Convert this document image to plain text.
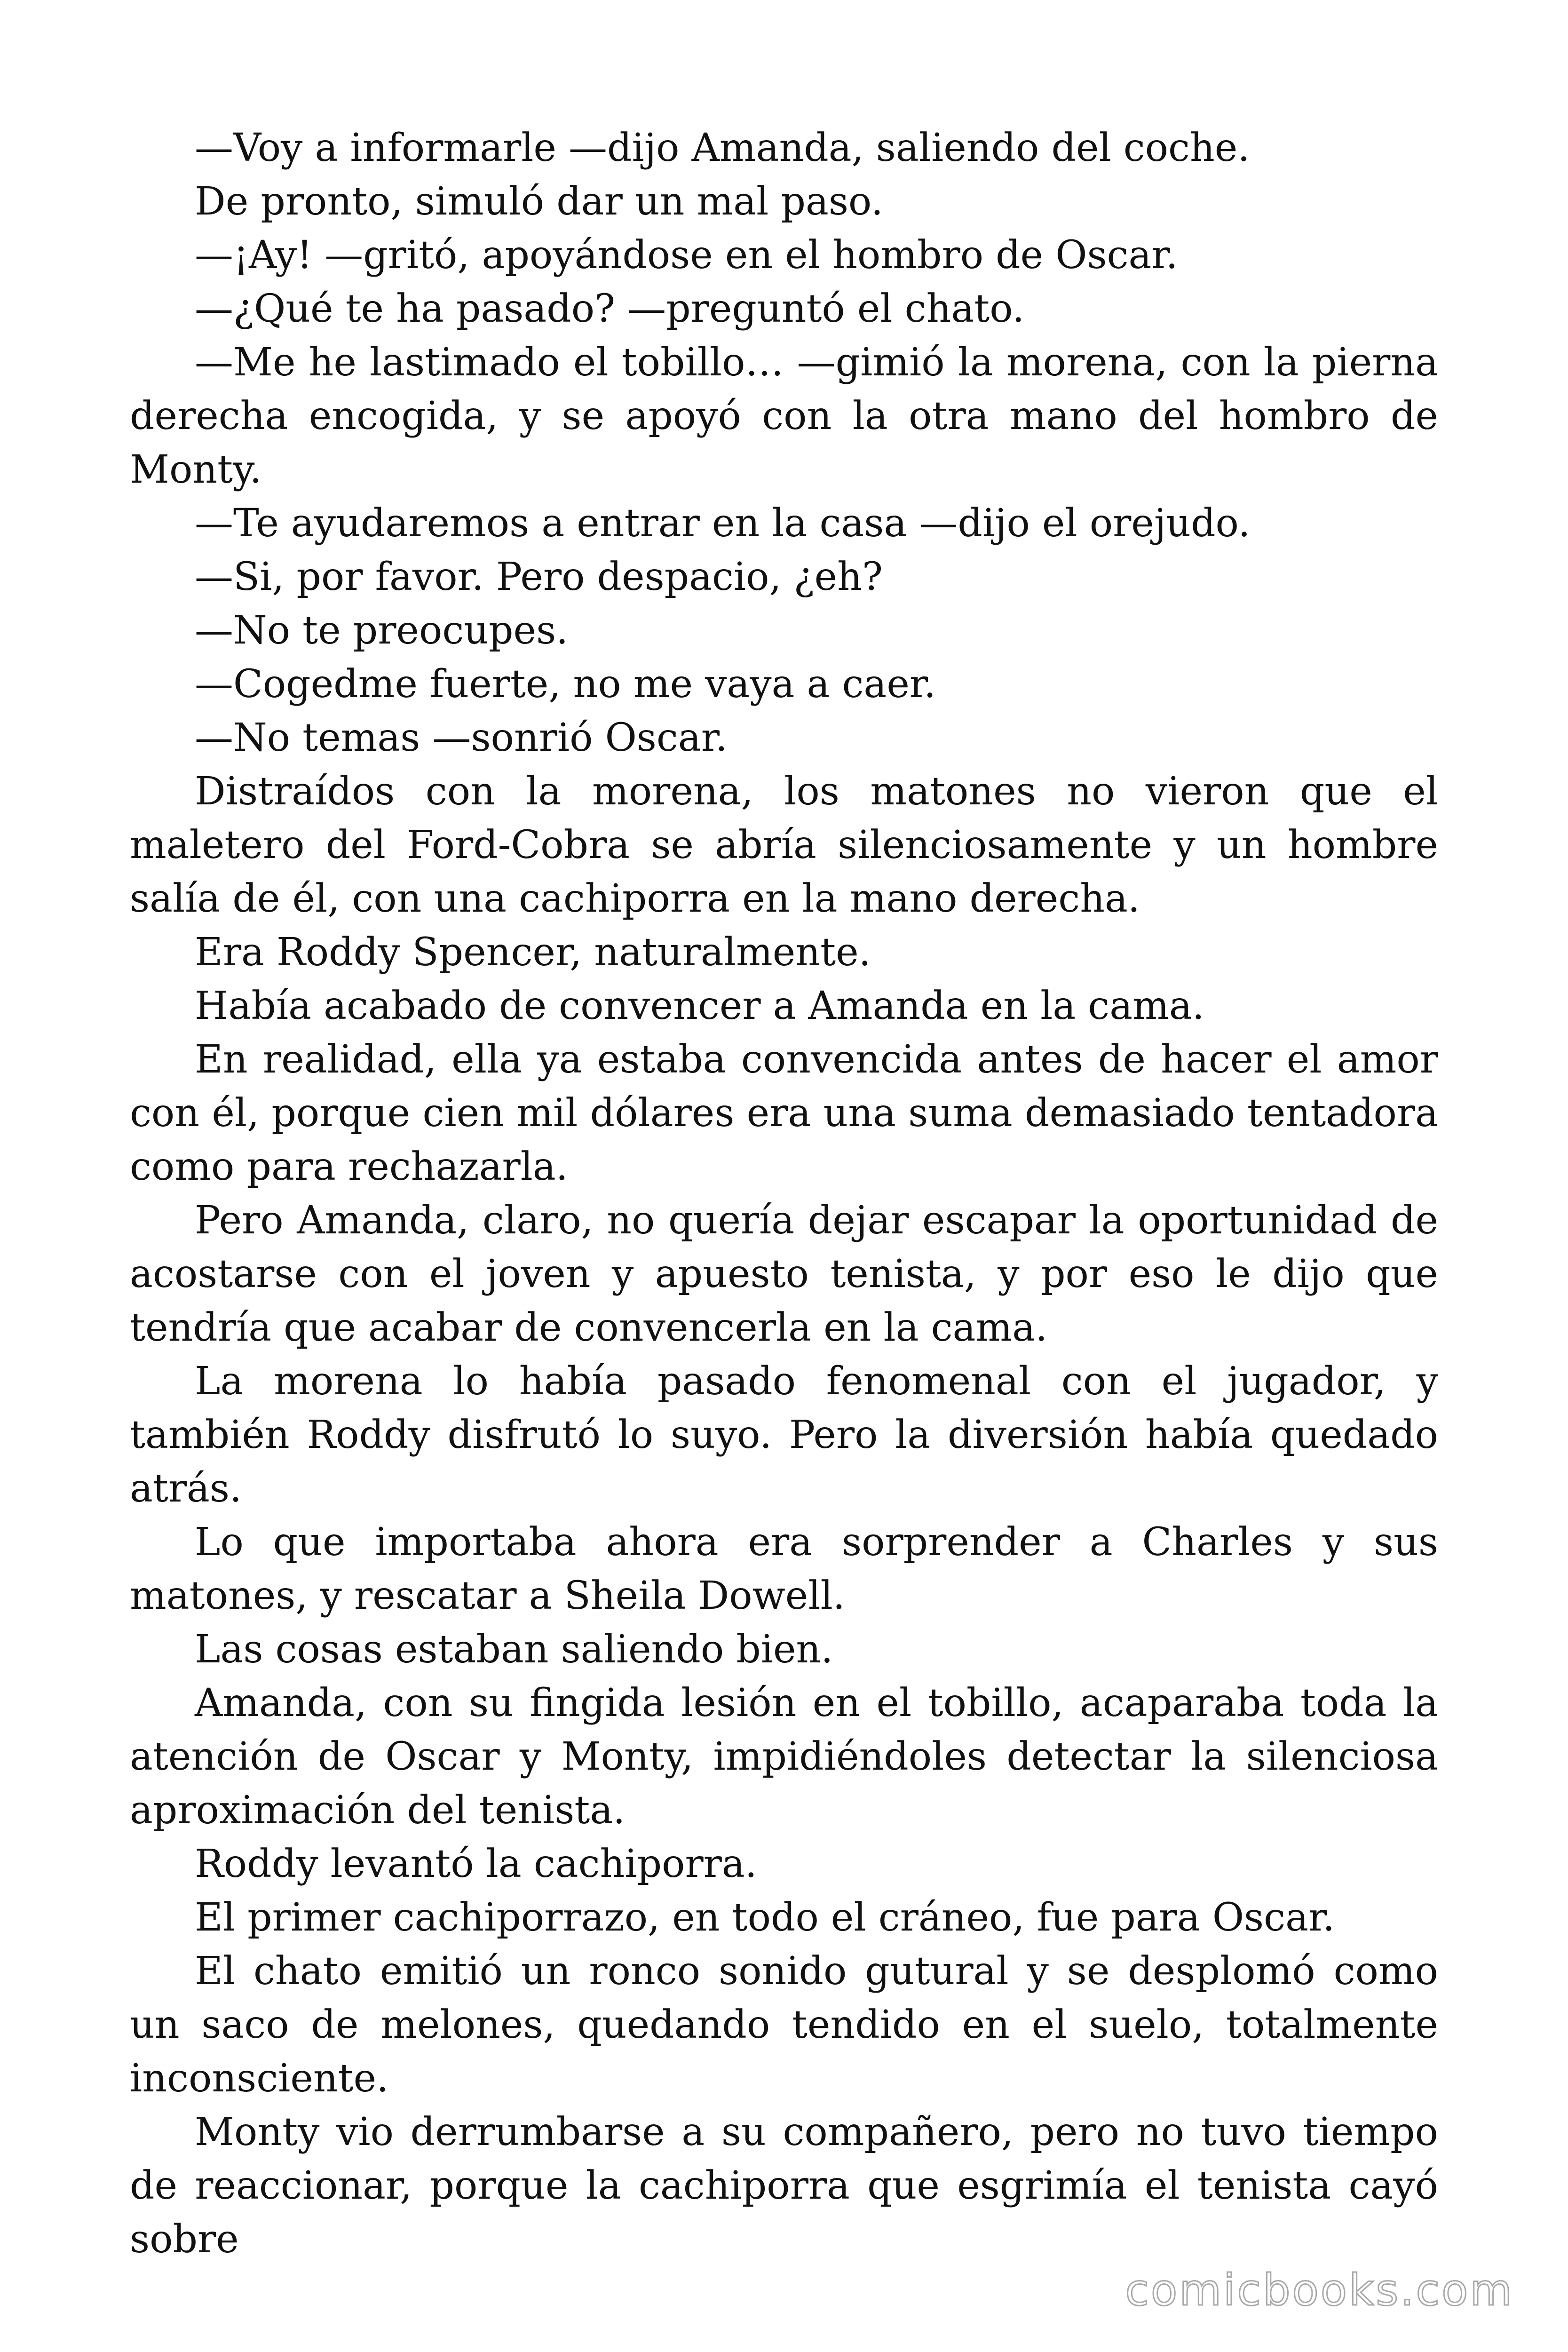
—Voy a informarle —dijo Amanda, saliendo del coche.

De pronto, simuló dar un mal paso.

—¡Ay! —gritó, apoyándose en el hombro de Oscar.

—¿Qué te ha pasado? —preguntó el chato.

—Me he lastimado el tobillo… —gimió la morena, con la pierna derecha encogida, y se apoyó con la otra mano del hombro de Monty.

—Te ayudaremos a entrar en la casa —dijo el orejudo.

—Si, por favor. Pero despacio, ¿eh?

—No te preocupes.

—Cogedme fuerte, no me vaya a caer.

—No temas —sonrió Oscar.

Distraídos con la morena, los matones no vieron que el maletero del Ford-Cobra se abría silenciosamente y un hombre salía de él, con una cachiporra en la mano derecha.

Era Roddy Spencer, naturalmente.

Había acabado de convencer a Amanda en la cama.

En realidad, ella ya estaba convencida antes de hacer el amor con él, porque cien mil dólares era una suma demasiado tentadora como para rechazarla.

Pero Amanda, claro, no quería dejar escapar la oportunidad de acostarse con el joven y apuesto tenista, y por eso le dijo que tendría que acabar de convencerla en la cama.

La morena lo había pasado fenomenal con el jugador, y también Roddy disfrutó lo suyo. Pero la diversión había quedado atrás.

Lo que importaba ahora era sorprender a Charles y sus matones, y rescatar a Sheila Dowell.

Las cosas estaban saliendo bien.

Amanda, con su fingida lesión en el tobillo, acaparaba toda la atención de Oscar y Monty, impidiéndoles detectar la silenciosa aproximación del tenista.

Roddy levantó la cachiporra.

El primer cachiporrazo, en todo el cráneo, fue para Oscar.

El chato emitió un ronco sonido gutural y se desplomó como un saco de melones, quedando tendido en el suelo, totalmente inconsciente.

Monty vio derrumbarse a su compañero, pero no tuvo tiempo de reaccionar, porque la cachiporra que esgrimía el tenista cayó sobre

comicbooks.com
